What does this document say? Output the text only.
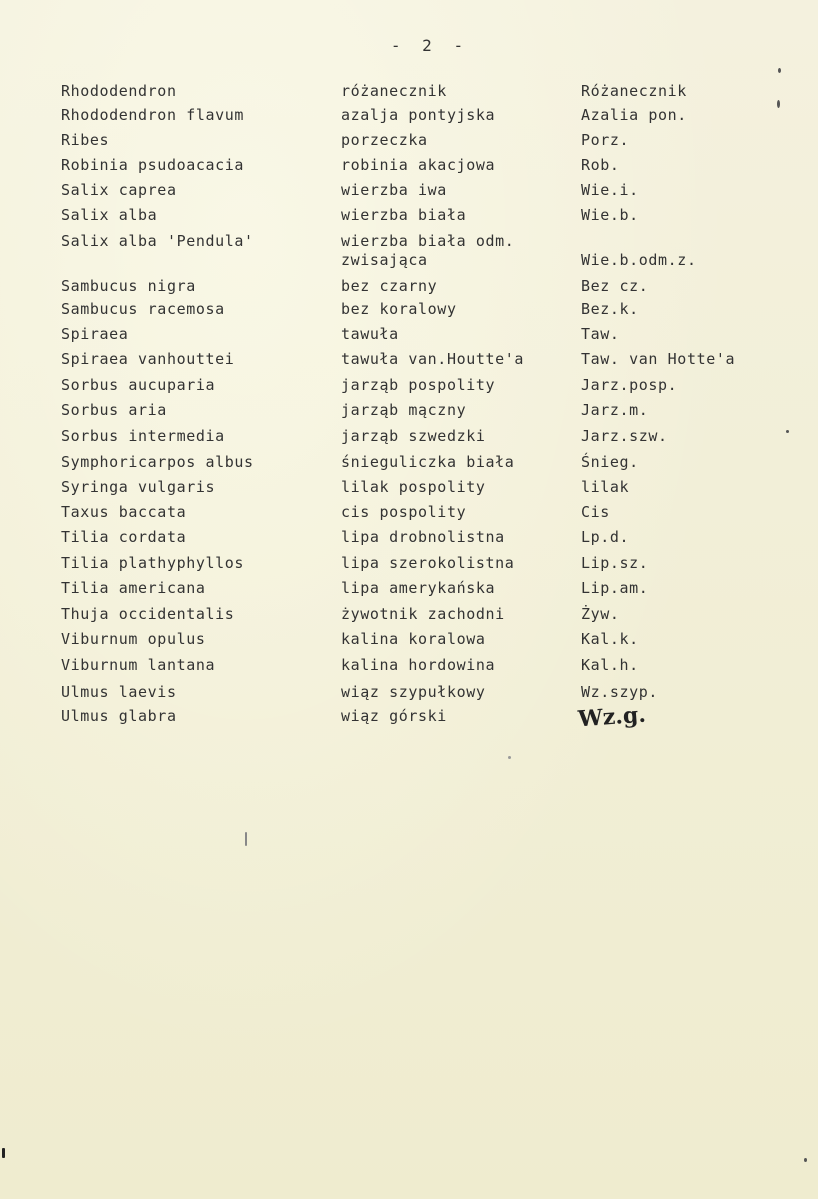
- 2 -
Rhododendron
Rhododendron flavum
Ribes
Robinia psudoacacia
Salix caprea
Salix alba
Salix alba 'Pendula'
Sambucus nigra
Sambucus racemosa
Spiraea
Spiraea vanhouttei
Sorbus aucuparia
Sorbus aria
Sorbus intermedia
Symphoricarpos albus
Syringa vulgaris
Taxus baccata
Tilia cordata
Tilia plathyphyllos
Tilia americana
Thuja occidentalis
Viburnum opulus
Viburnum lantana
Ulmus laevis
Ulmus glabra
różanecznik
azalja pontyjska
porzeczka
robinia akacjowa
wierzba iwa
wierzba biała
wierzba biała odm.
zwisająca
bez czarny
bez koralowy
tawuła
tawuła van.Houtte'a
jarząb pospolity
jarząb mączny
jarząb szwedzki
śnieguliczka biała
lilak pospolity
cis pospolity
lipa drobnolistna
lipa szerokolistna
lipa amerykańska
żywotnik zachodni
kalina koralowa
kalina hordowina
wiąz szypułkowy
wiąz górski
Różanecznik
Azalia pon.
Porz.
Rob.
Wie.i.
Wie.b.
Wie.b.odm.z.
Bez cz.
Bez.k.
Taw.
Taw. van Hotte'a
Jarz.posp.
Jarz.m.
Jarz.szw.
Śnieg.
lilak
Cis
Lp.d.
Lip.sz.
Lip.am.
Żyw.
Kal.k.
Kal.h.
Wz.szyp.
Wz.g.
